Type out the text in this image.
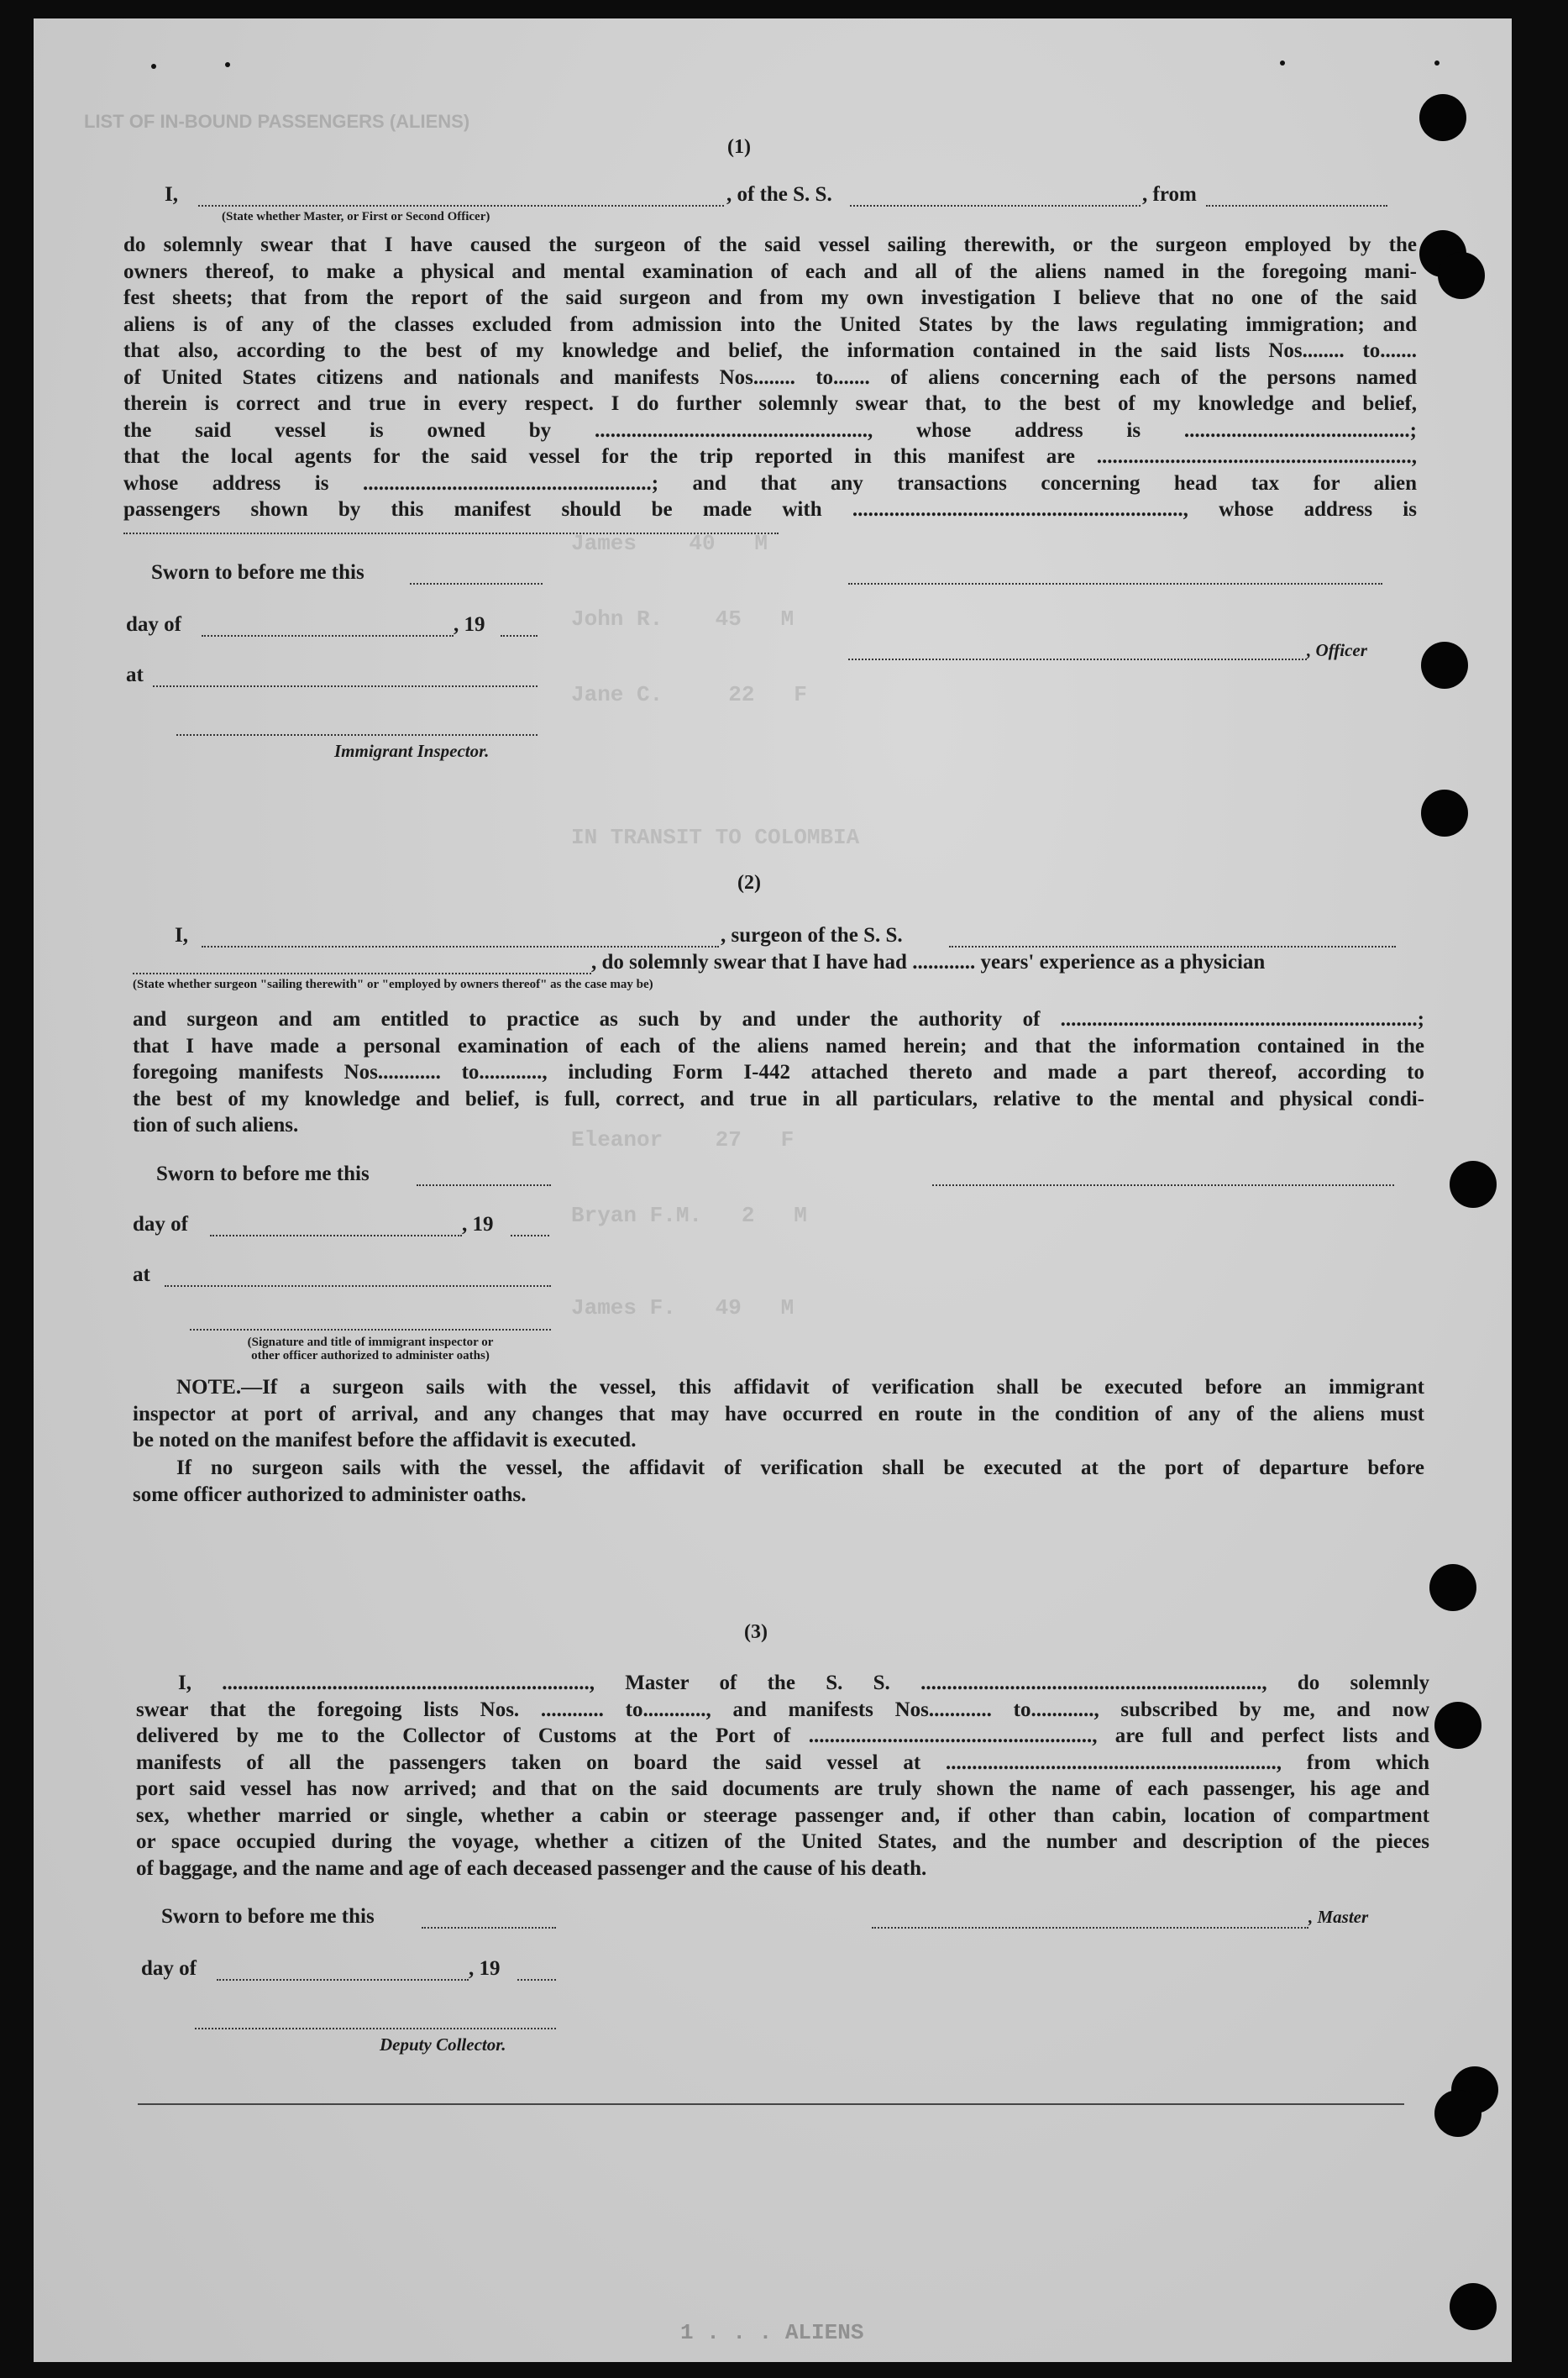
LIST OF IN-BOUND PASSENGERS (ALIENS)
James    40   M
John R.    45   M
Jane C.     22   F
IN TRANSIT TO COLOMBIA
Eleanor    27   F
Bryan F.M.   2   M
James F.   49   M
(1)
I,	, of the S. S.	, from
(State whether Master, or First or Second Officer)
do solemnly swear that I have caused the surgeon of the said vessel sailing therewith, or the surgeon employed by the
owners thereof, to make a physical and mental examination of each and all of the aliens named in the foregoing mani-
fest sheets; that from the report of the said surgeon and from my own investigation I believe that no one of the said
aliens is of any of the classes excluded from admission into the United States by the laws regulating immigration; and
that also, according to the best of my knowledge and belief, the information contained in the said lists Nos........ to.......
of United States citizens and nationals and manifests Nos........ to....... of aliens concerning each of the persons named
therein is correct and true in every respect. I do further solemnly swear that, to the best of my knowledge and belief,
the said vessel is owned by ...................................................., whose address is ...........................................;
that the local agents for the said vessel for the trip reported in this manifest are ............................................................,
whose address is .......................................................; and that any transactions concerning head tax for alien
passengers shown by this manifest should be made with ..............................................................., whose address is
Sworn to before me this
day of	, 19
, Officer
at
Immigrant Inspector.
(2)
I,	, surgeon of the S. S.
, do solemnly swear that I have had ............ years' experience as a physician
(State whether surgeon "sailing therewith" or "employed by owners thereof" as the case may be)
and surgeon and am entitled to practice as such by and under the authority of ....................................................................;
that I have made a personal examination of each of the aliens named herein; and that the information contained in the
foregoing manifests Nos............ to............, including Form I-442 attached thereto and made a part thereof, according to
the best of my knowledge and belief, is full, correct, and true in all particulars, relative to the mental and physical condi-
tion of such aliens.
Sworn to before me this
day of	, 19
at
(Signature and title of immigrant inspector or
other officer authorized to administer oaths)
NOTE.—If a surgeon sails with the vessel, this affidavit of verification shall be executed before an immigrant
inspector at port of arrival, and any changes that may have occurred en route in the condition of any of the aliens must
be noted on the manifest before the affidavit is executed.
If no surgeon sails with the vessel, the affidavit of verification shall be executed at the port of departure before
some officer authorized to administer oaths.
(3)
I, ......................................................................, Master of the S. S. ................................................................., do solemnly
swear that the foregoing lists Nos. ............ to............, and manifests Nos............ to............, subscribed by me, and now
delivered by me to the Collector of Customs at the Port of ......................................................, are full and perfect lists and
manifests of all the passengers taken on board the said vessel at ..............................................................., from which
port said vessel has now arrived; and that on the said documents are truly shown the name of each passenger, his age and
sex, whether married or single, whether a cabin or steerage passenger and, if other than cabin, location of compartment
or space occupied during the voyage, whether a citizen of the United States, and the number and description of the pieces
of baggage, and the name and age of each deceased passenger and the cause of his death.
Sworn to before me this	, Master
day of	, 19
Deputy Collector.
1 . . . ALIENS
